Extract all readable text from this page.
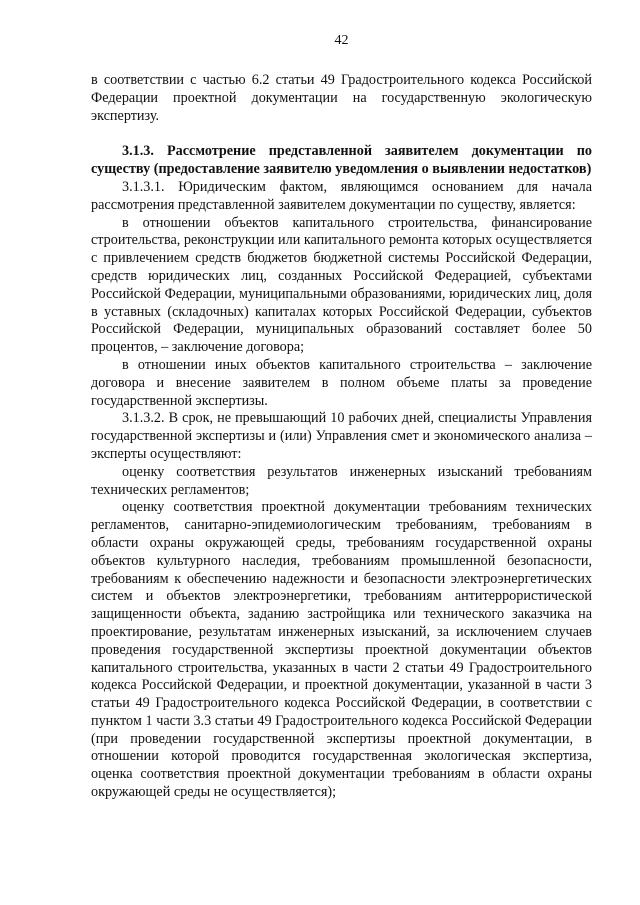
42

в соответствии с частью 6.2 статьи 49 Градостроительного кодекса Российской Федерации проектной документации на государственную экологическую экспертизу.

3.1.3. Рассмотрение представленной заявителем документации по существу (предоставление заявителю уведомления о выявлении недостатков)

3.1.3.1. Юридическим фактом, являющимся основанием для начала рассмотрения представленной заявителем документации по существу, является:

в отношении объектов капитального строительства, финансирование строительства, реконструкции или капитального ремонта которых осуществляется с привлечением средств бюджетов бюджетной системы Российской Федерации, средств юридических лиц, созданных Российской Федерацией, субъектами Российской Федерации, муниципальными образованиями, юридических лиц, доля в уставных (складочных) капиталах которых Российской Федерации, субъектов Российской Федерации, муниципальных образований составляет более 50 процентов, – заключение договора;

в отношении иных объектов капитального строительства – заключение договора и внесение заявителем в полном объеме платы за проведение государственной экспертизы.

3.1.3.2. В срок, не превышающий 10 рабочих дней, специалисты Управления государственной экспертизы и (или) Управления смет и экономического анализа – эксперты осуществляют:

оценку соответствия результатов инженерных изысканий требованиям технических регламентов;

оценку соответствия проектной документации требованиям технических регламентов, санитарно-эпидемиологическим требованиям, требованиям в области охраны окружающей среды, требованиям государственной охраны объектов культурного наследия, требованиям промышленной безопасности, требованиям к обеспечению надежности и безопасности электроэнергетических систем и объектов электроэнергетики, требованиям антитеррористической защищенности объекта, заданию застройщика или технического заказчика на проектирование, результатам инженерных изысканий, за исключением случаев проведения государственной экспертизы проектной документации объектов капитального строительства, указанных в части 2 статьи 49 Градостроительного кодекса Российской Федерации, и проектной документации, указанной в части 3 статьи 49 Градостроительного кодекса Российской Федерации, в соответствии с пунктом 1 части 3.3 статьи 49 Градостроительного кодекса Российской Федерации (при проведении государственной экспертизы проектной документации, в отношении которой проводится государственная экологическая экспертиза, оценка соответствия проектной документации требованиям в области охраны окружающей среды не осуществляется);
